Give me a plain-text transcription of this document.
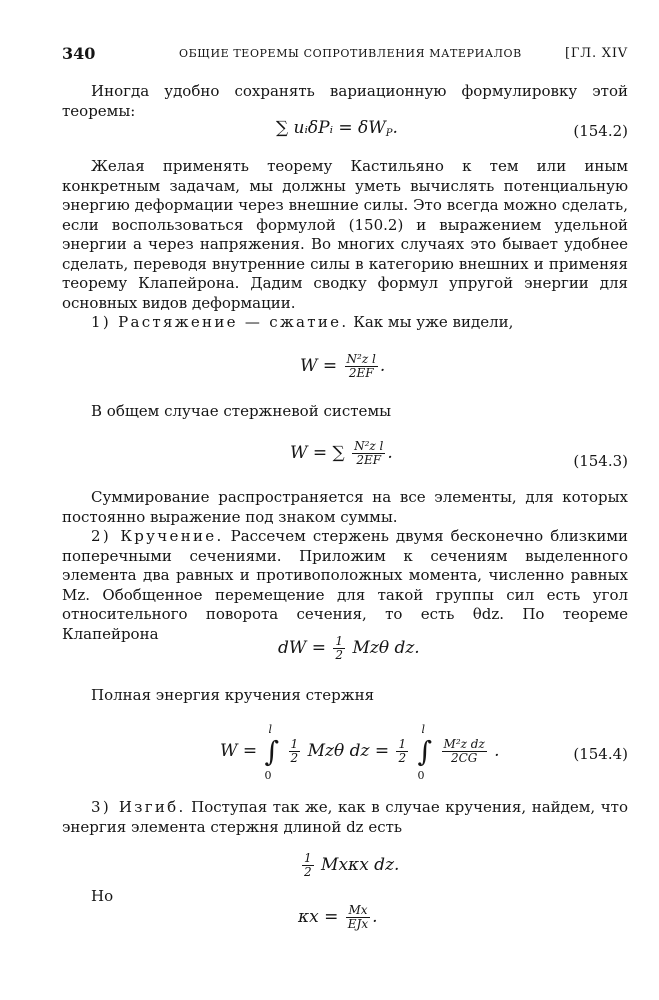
340	ОБЩИЕ ТЕОРЕМЫ СОПРОТИВЛЕНИЯ МАТЕРИАЛОВ	[ГЛ. XIV
Иногда удобно сохранять вариационную формулировку этой теоремы:
∑ uᵢδPᵢ = $\delta W_P$.	(154.2)
Желая применять теорему Кастильяно к тем или иным конкретным задачам, мы должны уметь вычислять потенциальную энергию деформации через внешние силы. Это всегда можно сделать, если воспользоваться формулой (150.2) и выражением удельной энергии a через напряжения. Во многих случаях это бывает удобнее сделать, переводя внутренние силы в категорию внешних и применяя теорему Клапейрона. Дадим сводку формул упругой энергии для основных видов деформации.
1) Растяжение — сжатие. Как мы уже видели,
$W = \frac{\text{N²z l}}{2EF}$ .
В общем случае стержневой системы
W = ∑ $\frac{\text{N²z l}}{2EF}$ .	(154.3)
Суммирование распространяется на все элементы, для которых постоянно выражение под знаком суммы.
2) Кручение. Рассечем стержень двумя бесконечно близкими поперечными сечениями. Приложим к сечениям выделенного элемента два равных и противоположных момента, численно равных Mz. Обобщенное перемещение для такой группы сил есть угол относительного поворота сечения, то есть θdz. По теореме Клапейрона
dW = $\frac{1}{2}$ Mzθ dz.
Полная энергия кручения стержня
W = ∫
l
0

$\frac{1}{2}$ Mzθ dz = $\frac{1}{2}$ ∫
l
0

$\frac{\text{M²z dz}}{2CG}$ .	(154.4)
3) Изгиб. Поступая так же, как в случае кручения, найдем, что энергия элемента стержня длиной dz есть
$\frac{1}{2}$ Mxκx dz.
Но
$\kappa x = \frac{Mx}{\text{EJx}}$ .
